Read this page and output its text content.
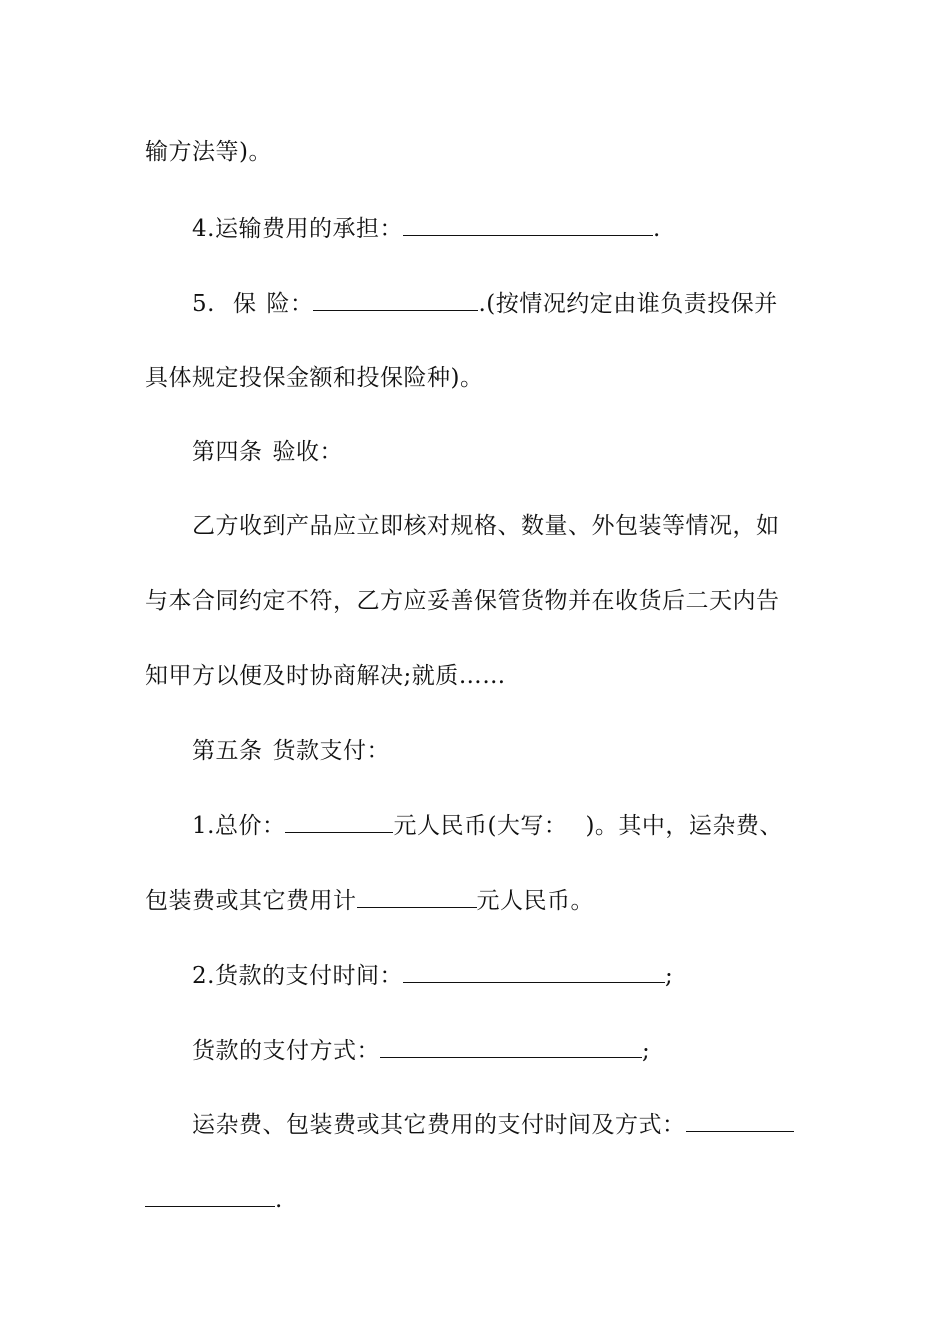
输方法等)。
4.运输费用的承担：	.
5. 保 险：	.(按情况约定由谁负责投保并
具体规定投保金额和投保险种)。
第四条 验收：
乙方收到产品应立即核对规格、数量、外包装等情况，如
与本合同约定不符，乙方应妥善保管货物并在收货后二天内告
知甲方以便及时协商解决;就质……
第五条 货款支付：
1.总价：	元人民币(大写： )。其中，运杂费、
包装费或其它费用计	元人民币。
2.货款的支付时间：	;
货款的支付方式：	;
运杂费、包装费或其它费用的支付时间及方式：
.
